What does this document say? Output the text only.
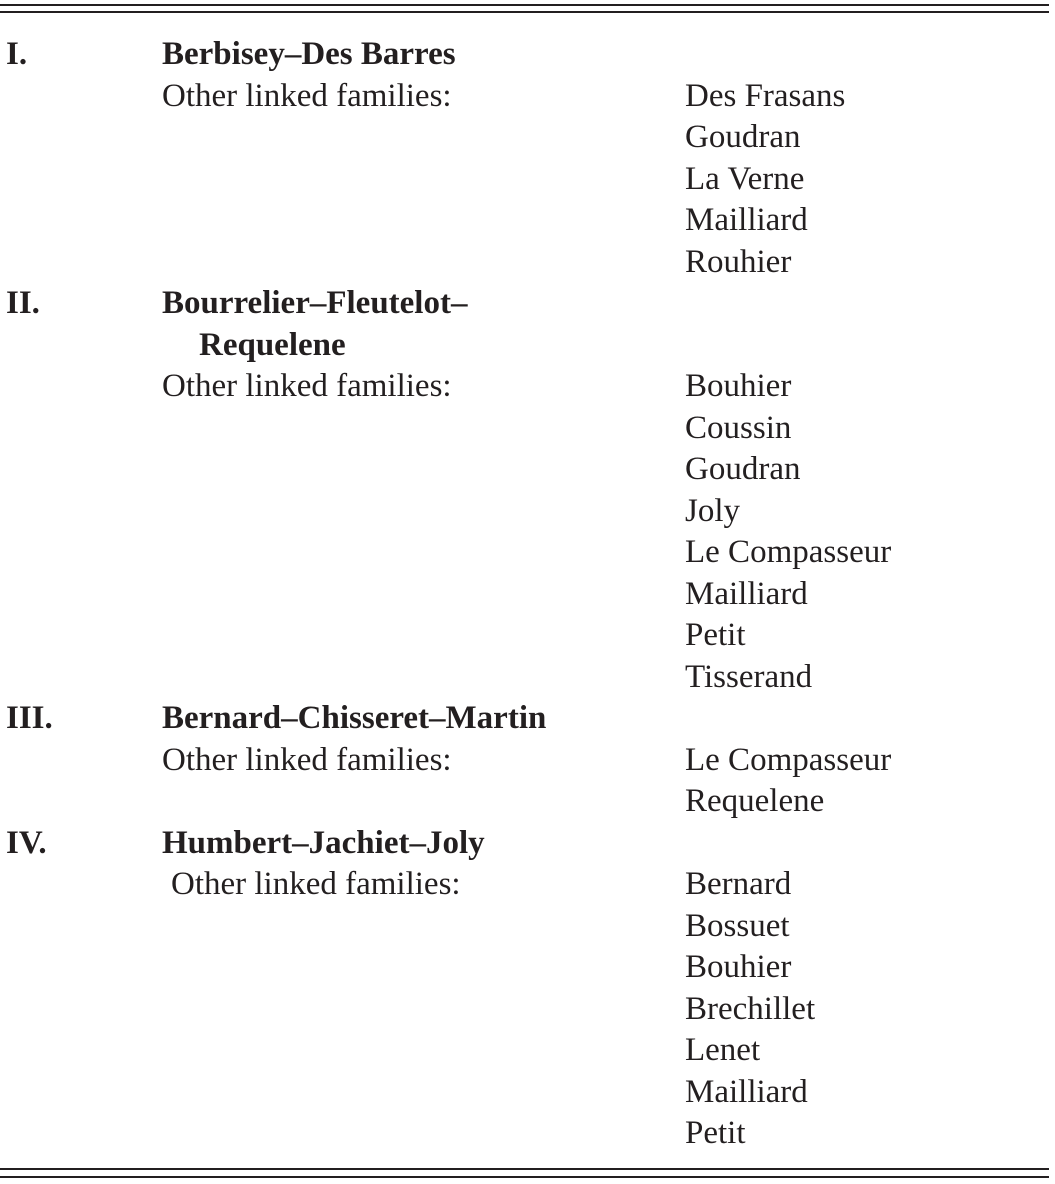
I.	Berbisey–Des Barres
Other linked families:	Des Frasans
Goudran
La Verne
Mailliard
Rouhier
II.	Bourrelier–Fleutelot–
Requelene
Other linked families:	Bouhier
Coussin
Goudran
Joly
Le Compasseur
Mailliard
Petit
Tisserand
III.	Bernard–Chisseret–Martin
Other linked families:	Le Compasseur
Requelene
IV.	Humbert–Jachiet–Joly
Other linked families:	Bernard
Bossuet
Bouhier
Brechillet
Lenet
Mailliard
Petit
